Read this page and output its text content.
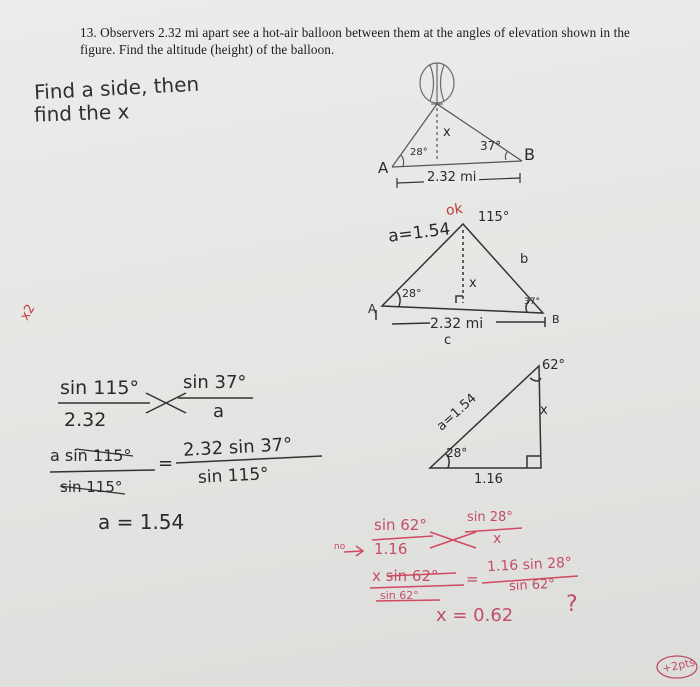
13. Observers 2.32 mi apart see a hot-air balloon between them at the angles of elevation shown in the figure. Find the altitude (height) of the balloon.
Find a side, then
find the x
28°	37°
x
A
B
2.32 mi
a=1.54
ok 115°
b
28°
37°
x
A
B
2.32 mi
c
62°
a=1.54
28°
x
1.16
x2
sin 115° sin 37°
2.32	a
a sin 115°
sin 115°
=
2.32 sin 37°
sin 115°
a = 1.54
no
sin 62°	sin 28°
1.16
x
x sin 62°
sin 62°
=
1.16 sin 28°
sin 62°
x = 0.62 ?
+2pts
